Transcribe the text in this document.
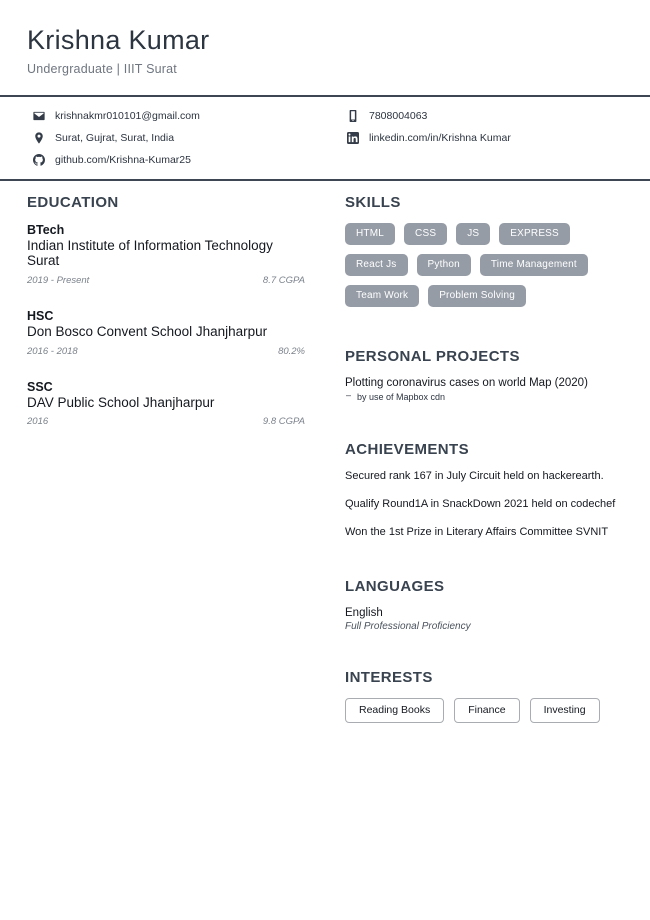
Krishna Kumar
Undergraduate | IIIT Surat
krishnakmr010101@gmail.com
Surat, Gujrat, Surat, India
github.com/Krishna-Kumar25
7808004063
linkedin.com/in/Krishna Kumar
EDUCATION
BTech
Indian Institute of Information Technology Surat
2019 - Present	8.7 CGPA
HSC
Don Bosco Convent School Jhanjharpur
2016 - 2018	80.2%
SSC
DAV Public School Jhanjharpur
2016	9.8 CGPA
SKILLS
HTML	CSS	JS	EXPRESS
React Js	Python	Time Management
Team Work	Problem Solving
PERSONAL PROJECTS
Plotting coronavirus cases on world Map (2020)
– by use of Mapbox cdn
ACHIEVEMENTS
Secured rank 167 in July Circuit held on hackerearth.
Qualify Round1A in SnackDown 2021 held on codechef
Won the 1st Prize in Literary Affairs Committee SVNIT
LANGUAGES
English
Full Professional Proficiency
INTERESTS
Reading Books	Finance	Investing
